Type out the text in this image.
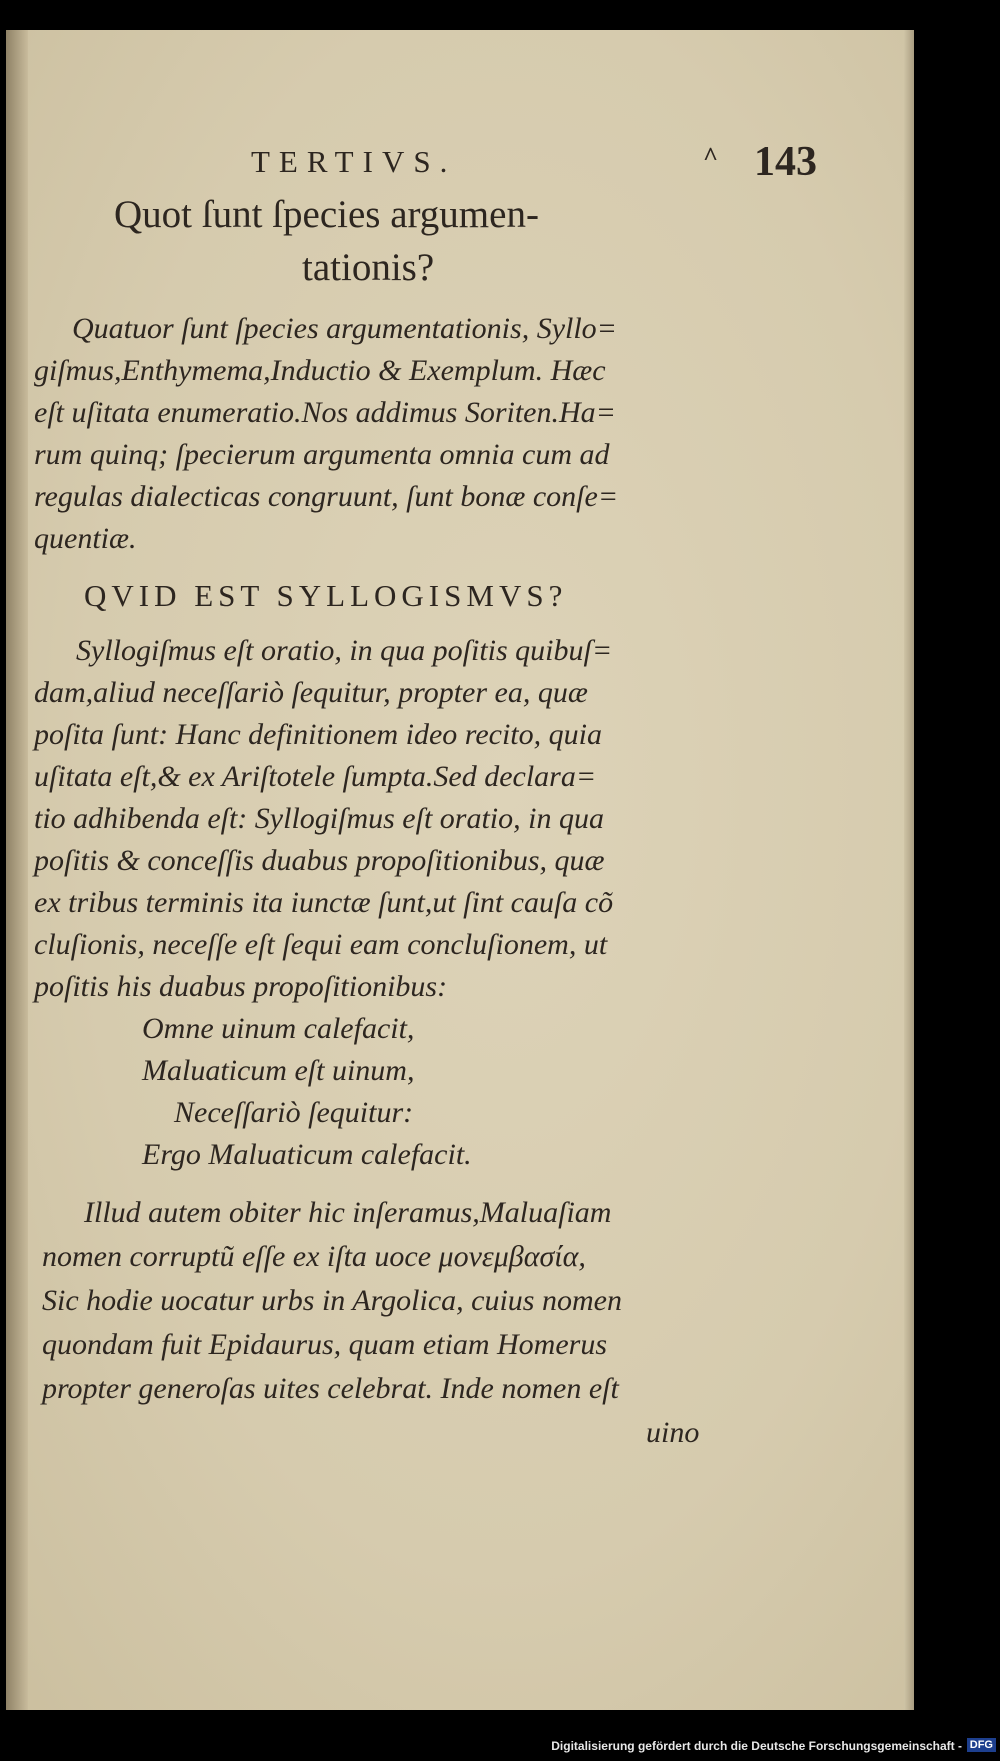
TERTIVS.	^ 143
Quot ſunt ſpecies argumen-
tationis?
Quatuor ſunt ſpecies argumentationis, Syllo=
giſmus,Enthymema,Inductio & Exemplum. Hæc
eſt uſitata enumeratio.Nos addimus Soriten.Ha=
rum quinq; ſpecierum argumenta omnia cum ad
regulas dialecticas congruunt, ſunt bonæ conſe=
quentiæ.
QVID EST SYLLOGISMVS?
Syllogiſmus eſt oratio, in qua poſitis quibuſ=
dam,aliud neceſſariò ſequitur, propter ea, quæ
poſita ſunt: Hanc definitionem ideo recito, quia
uſitata eſt,& ex Ariſtotele ſumpta.Sed declara=
tio adhibenda eſt: Syllogiſmus eſt oratio, in qua
poſitis & conceſſis duabus propoſitionibus, quæ
ex tribus terminis ita iunctæ ſunt,ut ſint cauſa cõ
cluſionis, neceſſe eſt ſequi eam concluſionem, ut
poſitis his duabus propoſitionibus:
Omne uinum calefacit,
Maluaticum eſt uinum,
Neceſſariò ſequitur:
Ergo Maluaticum calefacit.
Illud autem obiter hic inſeramus,Maluaſiam
nomen corruptũ eſſe ex iſta uoce μονεμβασία,
Sic hodie uocatur urbs in Argolica, cuius nomen
quondam fuit Epidaurus, quam etiam Homerus
propter generoſas uites celebrat. Inde nomen eſt
uino
Digitalisierung gefördert durch die Deutsche Forschungsgemeinschaft - DFG
